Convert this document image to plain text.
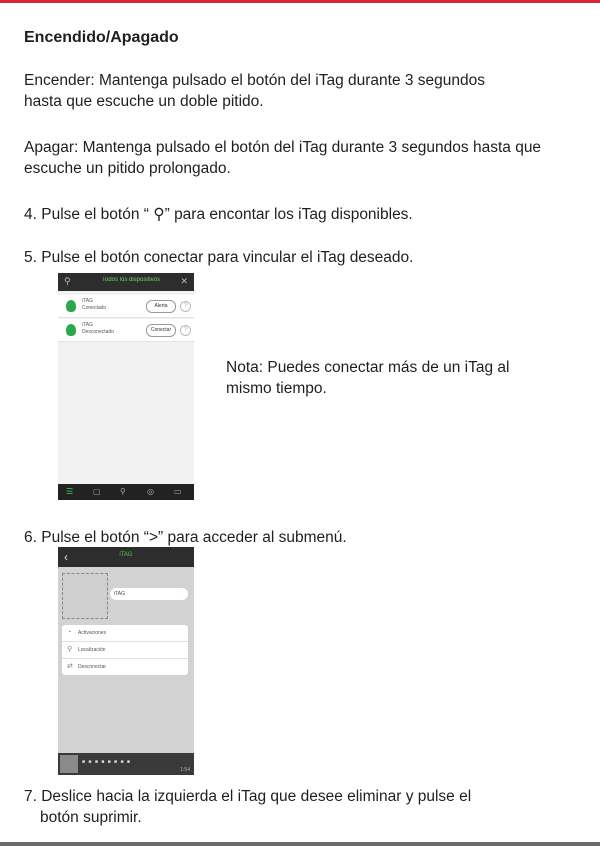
Encendido/Apagado

Encender: Mantenga pulsado el botón del iTag durante 3 segundos hasta que escuche un doble pitido.

Apagar: Mantenga pulsado el botón del iTag durante 3 segundos hasta que escuche un pitido prolongado.

4. Pulse el botón “ ⚲” para encontar los iTag disponibles.

5. Pulse el botón conectar para vincular el iTag deseado.

⚲	Todos los dispositivos	✕
iTAG
Conectado	Alerta	?
iTAG
Desconectado	Conectar	?
☰ ▢ ⚲	◎	▭

Nota: Puedes conectar más de un iTag al mismo tiempo.

6. Pulse el botón “>” para acceder al submenú.

‹	iTAG
iTAG
◔ Activaciones
⚲ Localización
⇄ Desconectar
■ ■ ■ ■ ■ ■ ■ ■
1:54

7. Deslice hacia la izquierda el iTag que desee eliminar y pulse el
botón suprimir.
